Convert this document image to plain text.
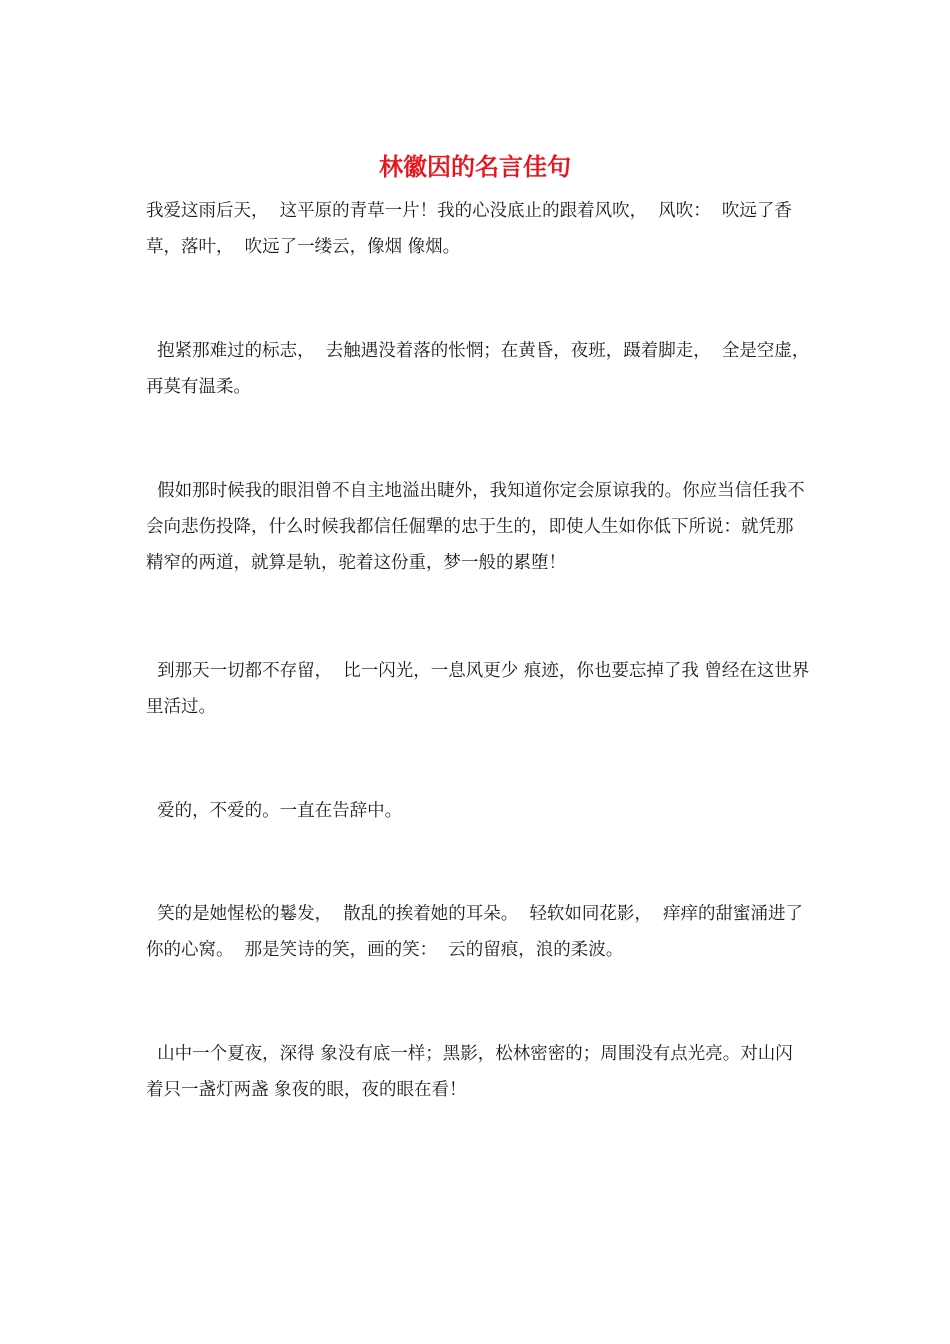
林徽因的名言佳句

我爱这雨后天，  这平原的青草一片！我的心没底止的跟着风吹，  风吹：  吹远了香草，落叶，  吹远了一缕云，像烟 像烟。

抱紧那难过的标志，  去触遇没着落的怅惘；在黄昏，夜班，蹑着脚走，  全是空虚，再莫有温柔。

假如那时候我的眼泪曾不自主地溢出睫外，我知道你定会原谅我的。你应当信任我不会向悲伤投降，什么时候我都信任倔犟的忠于生的，即使人生如你低下所说：就凭那精窄的两道，就算是轨，驼着这份重，梦一般的累堕！

到那天一切都不存留，  比一闪光，一息风更少 痕迹，你也要忘掉了我 曾经在这世界里活过。

爱的，不爱的。一直在告辞中。

笑的是她惺松的鬈发，  散乱的挨着她的耳朵。  轻软如同花影，  痒痒的甜蜜涌进了你的心窝。  那是笑诗的笑，画的笑：  云的留痕，浪的柔波。

山中一个夏夜，深得 象没有底一样；黑影，松林密密的；周围没有点光亮。对山闪着只一盏灯两盏 象夜的眼，夜的眼在看！
